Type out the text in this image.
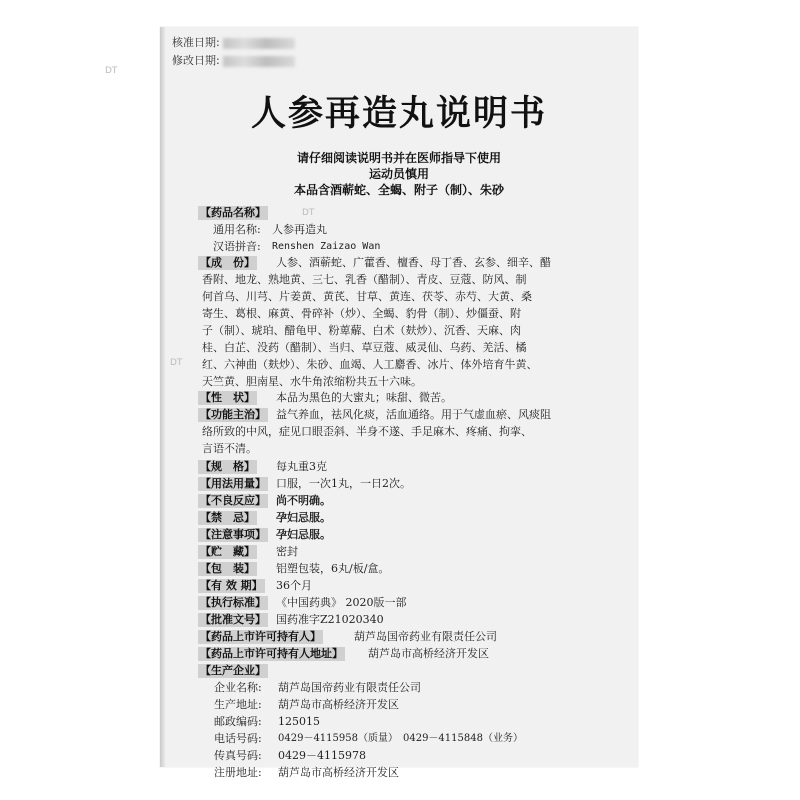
DT
DT
DT
核准日期:
修改日期:
人参再造丸说明书
请仔细阅读说明书并在医师指导下使用
运动员慎用
本品含酒蕲蛇、全蝎、附子（制）、朱砂
【药品名称】
通用名称: 人参再造丸
汉语拼音: Renshen Zaizao Wan
【成　份】 人参、酒蕲蛇、广藿香、檀香、母丁香、玄参、细辛、醋
香附、地龙、熟地黄、三七、乳香（醋制）、青皮、豆蔻、防风、制
何首乌、川芎、片姜黄、黄芪、甘草、黄连、茯苓、赤芍、大黄、桑
寄生、葛根、麻黄、骨碎补（炒）、全蝎、豹骨（制）、炒僵蚕、附
子（制）、琥珀、醋龟甲、粉萆薢、白术（麸炒）、沉香、天麻、肉
桂、白芷、没药（醋制）、当归、草豆蔻、威灵仙、乌药、羌活、橘
红、六神曲（麸炒）、朱砂、血竭、人工麝香、冰片、体外培育牛黄、
天竺黄、胆南星、水牛角浓缩粉共五十六味。
【性　状】 本品为黑色的大蜜丸；味甜、微苦。
【功能主治】 益气养血，祛风化痰，活血通络。用于气虚血瘀、风痰阻
络所致的中风，症见口眼歪斜、半身不遂、手足麻木、疼痛、拘挛、
言语不清。
【规　格】 每丸重3克
【用法用量】 口服，一次1丸，一日2次。
【不良反应】 尚不明确。
【禁　忌】 孕妇忌服。
【注意事项】 孕妇忌服。
【贮　藏】 密封
【包　装】 铝塑包装，6丸/板/盒。
【有 效 期】 36个月
【执行标准】 《中国药典》 2020版一部
【批准文号】 国药准字Z21020340
【药品上市许可持有人】	葫芦岛国帝药业有限责任公司
【药品上市许可持有人地址】 葫芦岛市高桥经济开发区
【生产企业】
企业名称: 葫芦岛国帝药业有限责任公司
生产地址: 葫芦岛市高桥经济开发区
邮政编码: 125015
电话号码: 0429－4115958（质量）　0429－4115848（业务）
传真号码: 0429－4115978
注册地址: 葫芦岛市高桥经济开发区
